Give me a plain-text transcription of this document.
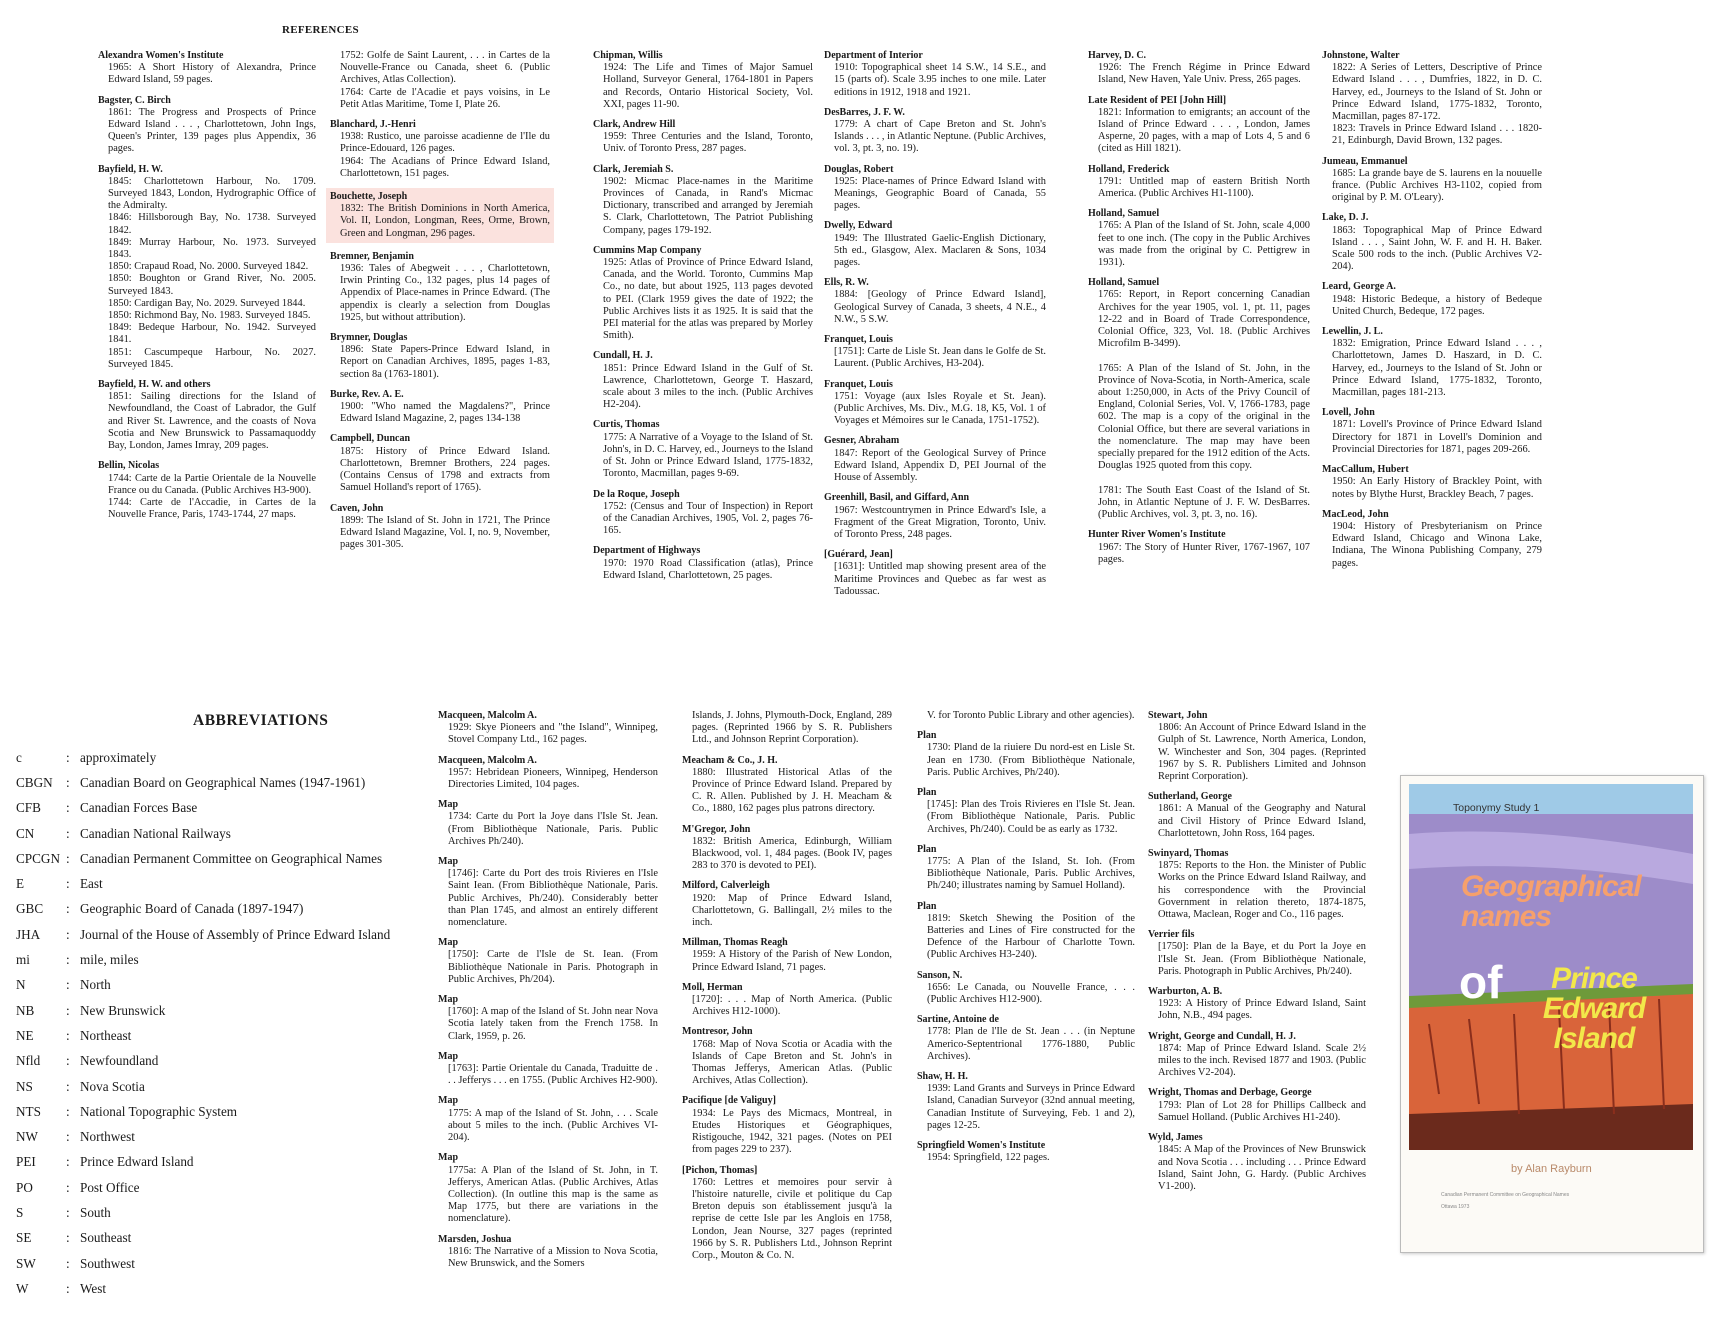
REFERENCES
Alexandra Women's Institute
1965: A Short History of Alexandra, Prince Edward Island, 59 pages.
Bagster, C. Birch
1861: The Progress and Prospects of Prince Edward Island . . . , Charlottetown, John Ings, Queen's Printer, 139 pages plus Appendix, 36 pages.
Bayfield, H. W.
1845: Charlottetown Harbour, No. 1709. Surveyed 1843, London, Hydrographic Office of the Admiralty.
1846: Hillsborough Bay, No. 1738. Surveyed 1842.
1849: Murray Harbour, No. 1973. Surveyed 1843.
1850: Crapaud Road, No. 2000. Surveyed 1842.
1850: Boughton or Grand River, No. 2005. Surveyed 1843.
1850: Cardigan Bay, No. 2029. Surveyed 1844.
1850: Richmond Bay, No. 1983. Surveyed 1845.
1849: Bedeque Harbour, No. 1942. Surveyed 1841.
1851: Cascumpeque Harbour, No. 2027. Surveyed 1845.
Bayfield, H. W. and others
1851: Sailing directions for the Island of Newfoundland, the Coast of Labrador, the Gulf and River St. Lawrence, and the coasts of Nova Scotia and New Brunswick to Passamaquoddy Bay, London, James Imray, 209 pages.
Bellin, Nicolas
1744: Carte de la Partie Orientale de la Nouvelle France ou du Canada. (Public Archives H3-900).
1744: Carte de l'Accadie, in Cartes de la Nouvelle France, Paris, 1743-1744, 27 maps.
1752: Golfe de Saint Laurent, . . . in Cartes de la Nouvelle-France ou Canada, sheet 6. (Public Archives, Atlas Collection).
1764: Carte de l'Acadie et pays voisins, in Le Petit Atlas Maritime, Tome I, Plate 26.
Blanchard, J.-Henri
1938: Rustico, une paroisse acadienne de l'Ile du Prince-Edouard, 126 pages.
1964: The Acadians of Prince Edward Island, Charlottetown, 151 pages.
Bouchette, Joseph
1832: The British Dominions in North America, Vol. II, London, Longman, Rees, Orme, Brown, Green and Longman, 296 pages.
Bremner, Benjamin
1936: Tales of Abegweit . . . , Charlottetown, Irwin Printing Co., 132 pages, plus 14 pages of Appendix of Place-names in Prince Edward. (The appendix is clearly a selection from Douglas 1925, but without attribution).
Brymner, Douglas
1896: State Papers-Prince Edward Island, in Report on Canadian Archives, 1895, pages 1-83, section 8a (1763-1801).
Burke, Rev. A. E.
1900: "Who named the Magdalens?", Prince Edward Island Magazine, 2, pages 134-138
Campbell, Duncan
1875: History of Prince Edward Island. Charlottetown, Bremner Brothers, 224 pages. (Contains Census of 1798 and extracts from Samuel Holland's report of 1765).
Caven, John
1899: The Island of St. John in 1721, The Prince Edward Island Magazine, Vol. I, no. 9, November, pages 301-305.
Chipman, Willis
1924: The Life and Times of Major Samuel Holland, Surveyor General, 1764-1801 in Papers and Records, Ontario Historical Society, Vol. XXI, pages 11-90.
Clark, Andrew Hill
1959: Three Centuries and the Island, Toronto, Univ. of Toronto Press, 287 pages.
Clark, Jeremiah S.
1902: Micmac Place-names in the Maritime Provinces of Canada, in Rand's Micmac Dictionary, transcribed and arranged by Jeremiah S. Clark, Charlottetown, The Patriot Publishing Company, pages 179-192.
Cummins Map Company
1925: Atlas of Province of Prince Edward Island, Canada, and the World. Toronto, Cummins Map Co., no date, but about 1925, 113 pages devoted to PEI. (Clark 1959 gives the date of 1922; the Public Archives lists it as 1925. It is said that the PEI material for the atlas was prepared by Morley Smith).
Cundall, H. J.
1851: Prince Edward Island in the Gulf of St. Lawrence, Charlottetown, George T. Haszard, scale about 3 miles to the inch. (Public Archives H2-204).
Curtis, Thomas
1775: A Narrative of a Voyage to the Island of St. John's, in D. C. Harvey, ed., Journeys to the Island of St. John or Prince Edward Island, 1775-1832, Toronto, Macmillan, pages 9-69.
De la Roque, Joseph
1752: (Census and Tour of Inspection) in Report of the Canadian Archives, 1905, Vol. 2, pages 76-165.
Department of Highways
1970: 1970 Road Classification (atlas), Prince Edward Island, Charlottetown, 25 pages.
Department of Interior
1910: Topographical sheet 14 S.W., 14 S.E., and 15 (parts of). Scale 3.95 inches to one mile. Later editions in 1912, 1918 and 1921.
DesBarres, J. F. W.
1779: A chart of Cape Breton and St. John's Islands . . . , in Atlantic Neptune. (Public Archives, vol. 3, pt. 3, no. 19).
Douglas, Robert
1925: Place-names of Prince Edward Island with Meanings, Geographic Board of Canada, 55 pages.
Dwelly, Edward
1949: The Illustrated Gaelic-English Dictionary, 5th ed., Glasgow, Alex. Maclaren & Sons, 1034 pages.
Ells, R. W.
1884: [Geology of Prince Edward Island], Geological Survey of Canada, 3 sheets, 4 N.E., 4 N.W., 5 S.W.
Franquet, Louis
[1751]: Carte de Lisle St. Jean dans le Golfe de St. Laurent. (Public Archives, H3-204).
Franquet, Louis
1751: Voyage (aux Isles Royale et St. Jean). (Public Archives, Ms. Div., M.G. 18, K5, Vol. 1 of Voyages et Mémoires sur le Canada, 1751-1752).
Gesner, Abraham
1847: Report of the Geological Survey of Prince Edward Island, Appendix D, PEI Journal of the House of Assembly.
Greenhill, Basil, and Giffard, Ann
1967: Westcountrymen in Prince Edward's Isle, a Fragment of the Great Migration, Toronto, Univ. of Toronto Press, 248 pages.
[Guérard, Jean]
[1631]: Untitled map showing present area of the Maritime Provinces and Quebec as far west as Tadoussac.
Harvey, D. C.
1926: The French Régime in Prince Edward Island, New Haven, Yale Univ. Press, 265 pages.
Late Resident of PEI [John Hill]
1821: Information to emigrants; an account of the Island of Prince Edward . . . , London, James Asperne, 20 pages, with a map of Lots 4, 5 and 6 (cited as Hill 1821).
Holland, Frederick
1791: Untitled map of eastern British North America. (Public Archives H1-1100).
Holland, Samuel
1765: A Plan of the Island of St. John, scale 4,000 feet to one inch. (The copy in the Public Archives was made from the original by C. Pettigrew in 1931).
Holland, Samuel
1765: Report, in Report concerning Canadian Archives for the year 1905, vol. 1, pt. 11, pages 12-22 and in Board of Trade Correspondence, Colonial Office, 323, Vol. 18. (Public Archives Microfilm B-3499).

1765: A Plan of the Island of St. John, in the Province of Nova-Scotia, in North-America, scale about 1:250,000, in Acts of the Privy Council of England, Colonial Series, Vol. V, 1766-1783, page 602. The map is a copy of the original in the Colonial Office, but there are several variations in the nomenclature. The map may have been specially prepared for the 1912 edition of the Acts. Douglas 1925 quoted from this copy.

1781: The South East Coast of the Island of St. John, in Atlantic Neptune of J. F. W. DesBarres. (Public Archives, vol. 3, pt. 3, no. 16).
Hunter River Women's Institute
1967: The Story of Hunter River, 1767-1967, 107 pages.
Johnstone, Walter
1822: A Series of Letters, Descriptive of Prince Edward Island . . . , Dumfries, 1822, in D. C. Harvey, ed., Journeys to the Island of St. John or Prince Edward Island, 1775-1832, Toronto, Macmillan, pages 87-172.
1823: Travels in Prince Edward Island . . . 1820-21, Edinburgh, David Brown, 132 pages.
Jumeau, Emmanuel
1685: La grande baye de S. laurens en la nouuelle france. (Public Archives H3-1102, copied from original by P. M. O'Leary).
Lake, D. J.
1863: Topographical Map of Prince Edward Island . . . , Saint John, W. F. and H. H. Baker. Scale 500 rods to the inch. (Public Archives V2-204).
Leard, George A.
1948: Historic Bedeque, a history of Bedeque United Church, Bedeque, 172 pages.
Lewellin, J. L.
1832: Emigration, Prince Edward Island . . . , Charlottetown, James D. Haszard, in D. C. Harvey, ed., Journeys to the Island of St. John or Prince Edward Island, 1775-1832, Toronto, Macmillan, pages 181-213.
Lovell, John
1871: Lovell's Province of Prince Edward Island Directory for 1871 in Lovell's Dominion and Provincial Directories for 1871, pages 209-266.
MacCallum, Hubert
1950: An Early History of Brackley Point, with notes by Blythe Hurst, Brackley Beach, 7 pages.
MacLeod, John
1904: History of Presbyterianism on Prince Edward Island, Chicago and Winona Lake, Indiana, The Winona Publishing Company, 279 pages.
ABBREVIATIONS
c	: approximately
CBGN	: Canadian Board on Geographical Names (1947-1961)
CFB	: Canadian Forces Base
CN	: Canadian National Railways
CPCGN : Canadian Permanent Committee on Geographical Names
E	: East
GBC	: Geographic Board of Canada (1897-1947)
JHA	: Journal of the House of Assembly of Prince Edward Island
mi	: mile, miles
N	: North
NB	: New Brunswick
NE	: Northeast
Nfld	: Newfoundland
NS	: Nova Scotia
NTS	: National Topographic System
NW	: Northwest
PEI	: Prince Edward Island
PO	: Post Office
S	: South
SE	: Southeast
SW	: Southwest
W	: West
Macqueen, Malcolm A.
1929: Skye Pioneers and "the Island", Winnipeg, Stovel Company Ltd., 162 pages.
Macqueen, Malcolm A.
1957: Hebridean Pioneers, Winnipeg, Henderson Directories Limited, 104 pages.
Map
1734: Carte du Port la Joye dans l'Isle St. Jean. (From Bibliothèque Nationale, Paris. Public Archives Ph/240).
Map
[1746]: Carte du Port des trois Rivieres en l'Isle Saint Iean. (From Bibliothèque Nationale, Paris. Public Archives, Ph/240). Considerably better than Plan 1745, and almost an entirely different nomenclature.
Map
[1750]: Carte de l'Isle de St. Iean. (From Bibliothèque Nationale in Paris. Photograph in Public Archives, Ph/204).
Map
[1760]: A map of the Island of St. John near Nova Scotia lately taken from the French 1758. In Clark, 1959, p. 26.
Map
[1763]: Partie Orientale du Canada, Traduitte de . . . Jefferys . . . en 1755. (Public Archives H2-900).
Map
1775: A map of the Island of St. John, . . . Scale about 5 miles to the inch. (Public Archives VI-204).
Map
1775a: A Plan of the Island of St. John, in T. Jefferys, American Atlas. (Public Archives, Atlas Collection). (In outline this map is the same as Map 1775, but there are variations in the nomenclature).
Marsden, Joshua
1816: The Narrative of a Mission to Nova Scotia, New Brunswick, and the Somers
Islands, J. Johns, Plymouth-Dock, England, 289 pages. (Reprinted 1966 by S. R. Publishers Ltd., and Johnson Reprint Corporation).
Meacham & Co., J. H.
1880: Illustrated Historical Atlas of the Province of Prince Edward Island. Prepared by C. R. Allen. Published by J. H. Meacham & Co., 1880, 162 pages plus patrons directory.
M'Gregor, John
1832: British America, Edinburgh, William Blackwood, vol. 1, 484 pages. (Book IV, pages 283 to 370 is devoted to PEI).
Milford, Calverleigh
1920: Map of Prince Edward Island, Charlottetown, G. Ballingall, 2½ miles to the inch.
Millman, Thomas Reagh
1959: A History of the Parish of New London, Prince Edward Island, 71 pages.
Moll, Herman
[1720]: . . . Map of North America. (Public Archives H12-1000).
Montresor, John
1768: Map of Nova Scotia or Acadia with the Islands of Cape Breton and St. John's in Thomas Jefferys, American Atlas. (Public Archives, Atlas Collection).
Pacifique [de Valiguy]
1934: Le Pays des Micmacs, Montreal, in Etudes Historiques et Géographiques, Ristigouche, 1942, 321 pages. (Notes on PEI from pages 229 to 237).
[Pichon, Thomas]
1760: Lettres et memoires pour servir à l'histoire naturelle, civile et politique du Cap Breton depuis son établissement jusqu'à la reprise de cette Isle par les Anglois en 1758, London, Jean Nourse, 327 pages (reprinted 1966 by S. R. Publishers Ltd., Johnson Reprint Corp., Mouton & Co. N.
V. for Toronto Public Library and other agencies).
Plan
1730: Pland de la riuiere Du nord-est en Lisle St. Jean en 1730. (From Bibliothèque Nationale, Paris. Public Archives, Ph/240).
Plan
[1745]: Plan des Trois Rivieres en l'Isle St. Jean. (From Bibliothèque Nationale, Paris. Public Archives, Ph/240). Could be as early as 1732.
Plan
1775: A Plan of the Island, St. Ioh. (From Bibliothèque Nationale, Paris. Public Archives, Ph/240; illustrates naming by Samuel Holland).
Plan
1819: Sketch Shewing the Position of the Batteries and Lines of Fire constructed for the Defence of the Harbour of Charlotte Town. (Public Archives H3-240).
Sanson, N.
1656: Le Canada, ou Nouvelle France, . . . (Public Archives H12-900).
Sartine, Antoine de
1778: Plan de l'Ile de St. Jean . . . (in Neptune Americo-Septentrional 1776-1880, Public Archives).
Shaw, H. H.
1939: Land Grants and Surveys in Prince Edward Island, Canadian Surveyor (32nd annual meeting, Canadian Institute of Surveying, Feb. 1 and 2), pages 12-25.
Springfield Women's Institute
1954: Springfield, 122 pages.
Stewart, John
1806: An Account of Prince Edward Island in the Gulph of St. Lawrence, North America, London, W. Winchester and Son, 304 pages. (Reprinted 1967 by S. R. Publishers Limited and Johnson Reprint Corporation).
Sutherland, George
1861: A Manual of the Geography and Natural and Civil History of Prince Edward Island, Charlottetown, John Ross, 164 pages.
Swinyard, Thomas
1875: Reports to the Hon. the Minister of Public Works on the Prince Edward Island Railway, and his correspondence with the Provincial Government in relation thereto, 1874-1875, Ottawa, Maclean, Roger and Co., 116 pages.
Verrier fils
[1750]: Plan de la Baye, et du Port la Joye en l'Isle St. Jean. (From Bibliothèque Nationale, Paris. Photograph in Public Archives, Ph/240).
Warburton, A. B.
1923: A History of Prince Edward Island, Saint John, N.B., 494 pages.
Wright, George and Cundall, H. J.
1874: Map of Prince Edward Island. Scale 2½ miles to the inch. Revised 1877 and 1903. (Public Archives V2-204).
Wright, Thomas and Derbage, George
1793: Plan of Lot 28 for Phillips Callbeck and Samuel Holland. (Public Archives H1-240).
Wyld, James
1845: A Map of the Provinces of New Brunswick and Nova Scotia . . . including . . . Prince Edward Island, Saint John, G. Hardy. (Public Archives V1-200).
Toponymy Study 1
Geographical names
of	Prince Edward Island
by Alan Rayburn
Canadian Permanent Committee on Geographical Names
Ottawa 1973
